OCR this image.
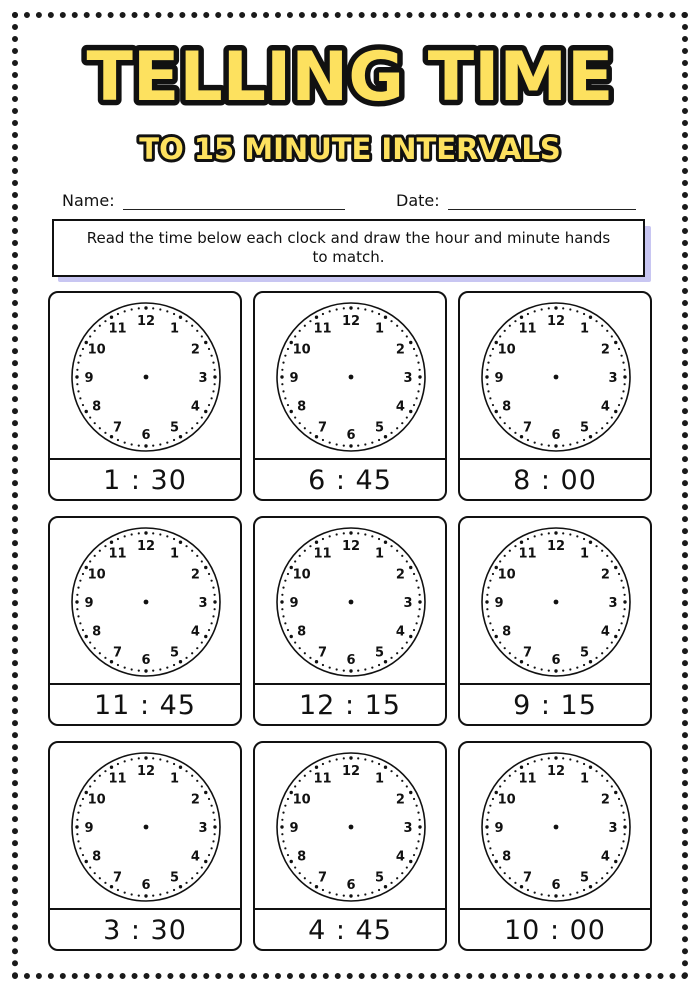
TELLING TIME
TO 15 MINUTE INTERVALS
Name:	Date:
Read the time below each clock and draw the hour and minute hands to match.
12
1
2
3
4
5
6
7
8
9
10
11
1 : 30
12
1
2
3
4
5
6
7
8
9
10
11
6 : 45
12
1
2
3
4
5
6
7
8
9
10
11
8 : 00
12
1
2
3
4
5
6
7
8
9
10
11
11 : 45
12
1
2
3
4
5
6
7
8
9
10
11
12 : 15
12
1
2
3
4
5
6
7
8
9
10
11
9 : 15
12
1
2
3
4
5
6
7
8
9
10
11
3 : 30
12
1
2
3
4
5
6
7
8
9
10
11
4 : 45
12
1
2
3
4
5
6
7
8
9
10
11
10 : 00
